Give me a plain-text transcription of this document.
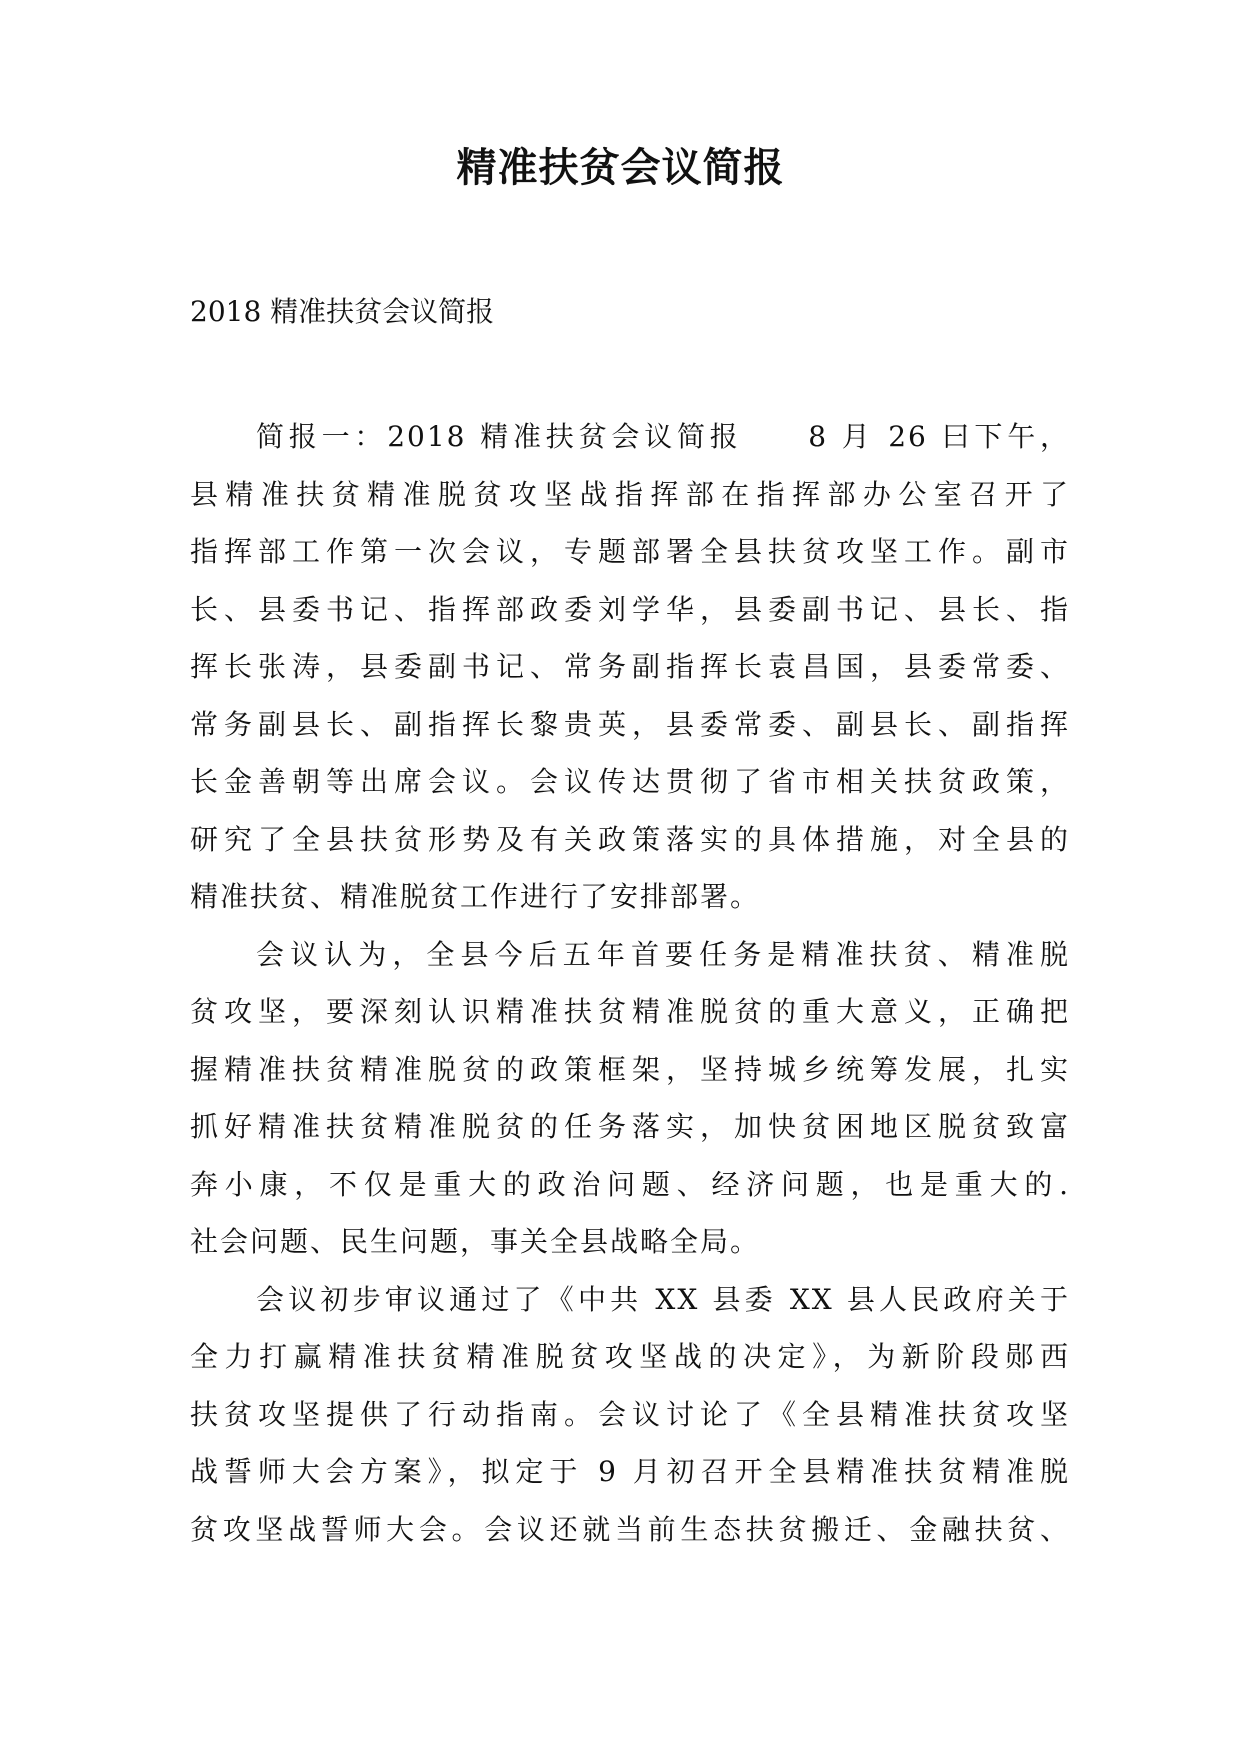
精准扶贫会议简报

2018 精准扶贫会议简报

简报一：2018 精准扶贫会议简报　　8 月 26 曰下午，
县精准扶贫精准脱贫攻坚战指挥部在指挥部办公室召开了
指挥部工作第一次会议，专题部署全县扶贫攻坚工作。副市
长、县委书记、指挥部政委刘学华，县委副书记、县长、指
挥长张涛，县委副书记、常务副指挥长袁昌国，县委常委、
常务副县长、副指挥长黎贵英，县委常委、副县长、副指挥
长金善朝等出席会议。会议传达贯彻了省市相关扶贫政策，
研究了全县扶贫形势及有关政策落实的具体措施，对全县的
精准扶贫、精准脱贫工作进行了安排部署。
会议认为，全县今后五年首要任务是精准扶贫、精准脱
贫攻坚，要深刻认识精准扶贫精准脱贫的重大意义，正确把
握精准扶贫精准脱贫的政策框架，坚持城乡统筹发展，扎实
抓好精准扶贫精准脱贫的任务落实，加快贫困地区脱贫致富
奔小康，不仅是重大的政治问题、经济问题，也是重大的.
社会问题、民生问题，事关全县战略全局。
会议初步审议通过了《中共 XX 县委 XX 县人民政府关于
全力打赢精准扶贫精准脱贫攻坚战的决定》，为新阶段郧西
扶贫攻坚提供了行动指南。会议讨论了《全县精准扶贫攻坚
战誓师大会方案》，拟定于 9 月初召开全县精准扶贫精准脱
贫攻坚战誓师大会。会议还就当前生态扶贫搬迁、金融扶贫、
